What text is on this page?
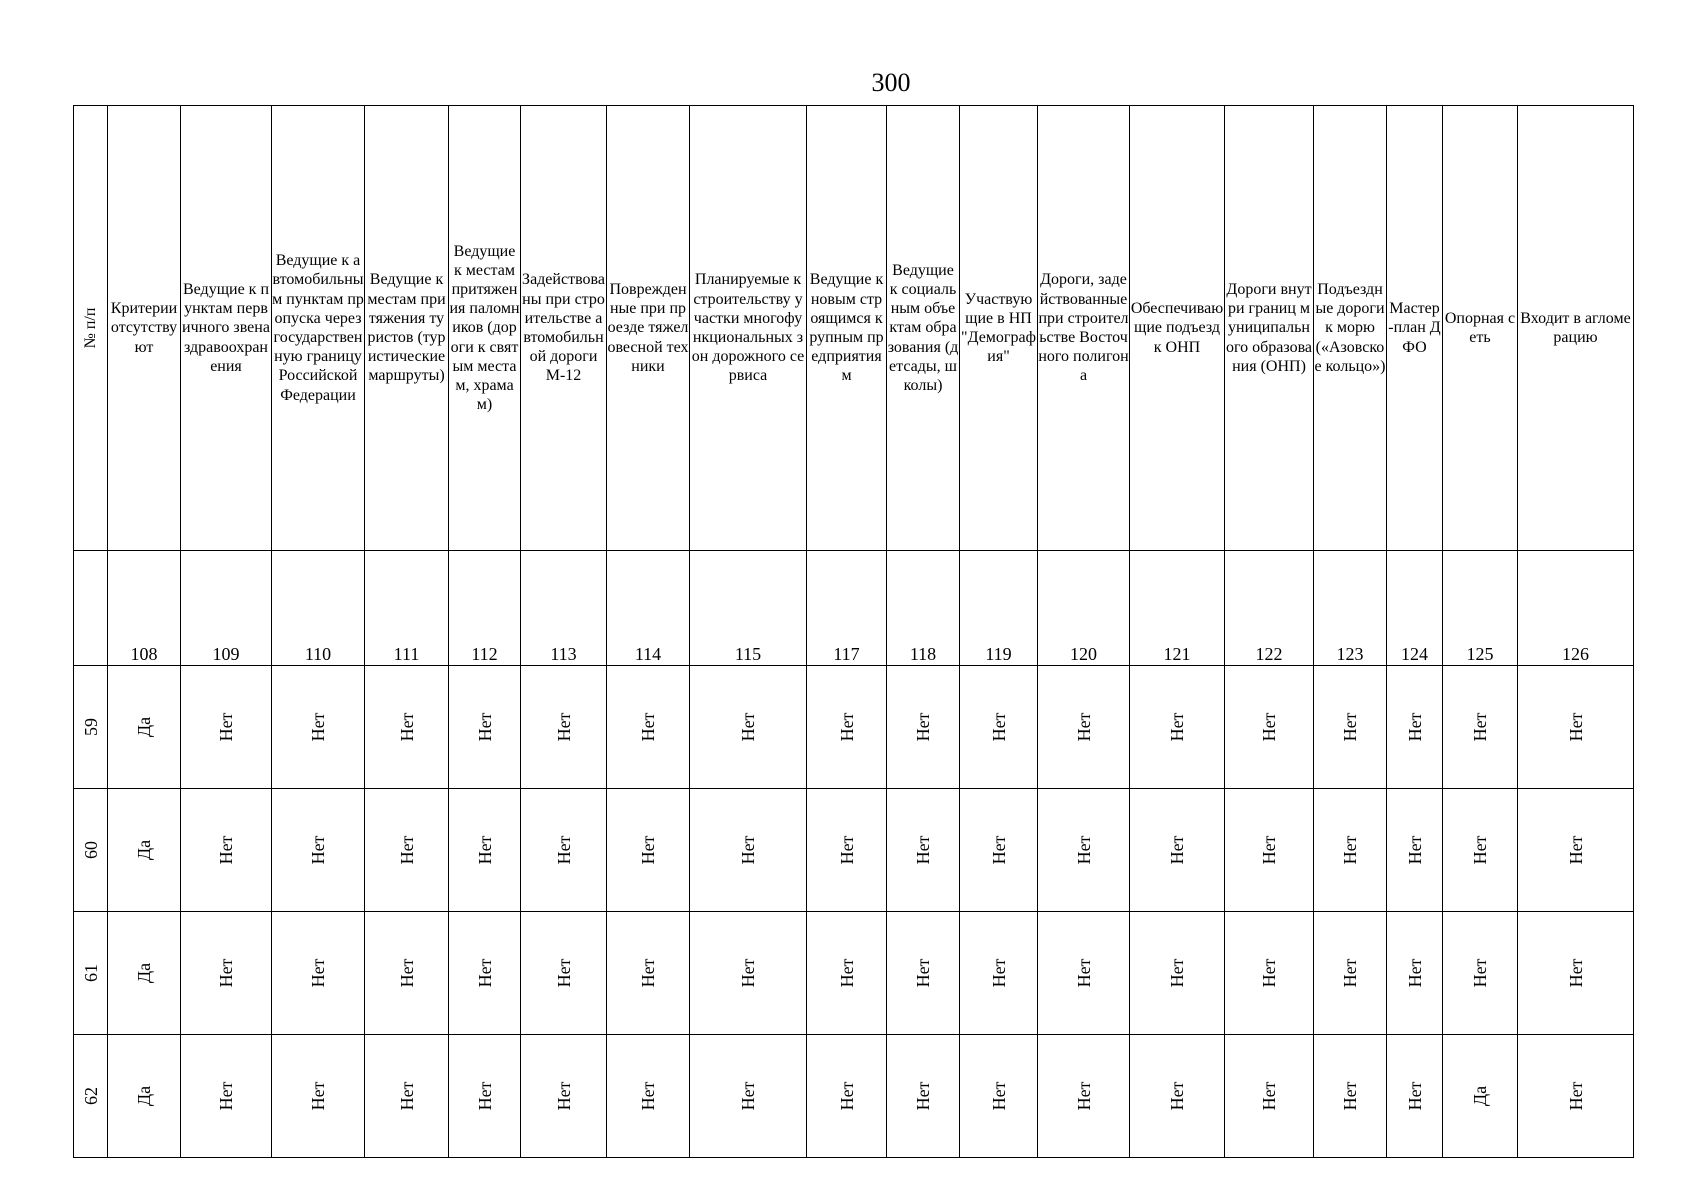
300
№ п/п	Критерии отсутствуют	Ведущие к пунктам первичного звена здравоохранения	Ведущие к автомобильным пунктам пропуска через государственную границу Российской Федерации	Ведущие к местам притяжения туристов (туристические маршруты)	Ведущие к местам притяжения паломников (дороги к святым местам, храмам)	Задействованы при строительстве автомобильной дороги М-12	Поврежденные при проезде тяжеловесной техники	Планируемые к строительству участки многофункциональных зон дорожного сервиса	Ведущие к новым строящимся крупным предприятиям	Ведущие к социальным объектам образования (детсады, школы)	Участвующие в НП "Демография"	Дороги, задействованные при строительстве Восточного полигона	Обеспечивающие подъезд к ОНП	Дороги внутри границ муниципального образования (ОНП)	Подъездные дороги к морю («Азовское кольцо»)	Мастер-план ДФО	Опорная сеть	Входит в агломерацию
	108	109	110	111	112	113	114	115	117	118	119	120	121	122	123	124	125	126

59	Да	Нет	Нет	Нет	Нет	Нет	Нет	Нет	Нет	Нет	Нет	Нет	Нет	Нет	Нет	Нет	Нет	Нет

60	Да	Нет	Нет	Нет	Нет	Нет	Нет	Нет	Нет	Нет	Нет	Нет	Нет	Нет	Нет	Нет	Нет	Нет

61	Да	Нет	Нет	Нет	Нет	Нет	Нет	Нет	Нет	Нет	Нет	Нет	Нет	Нет	Нет	Нет	Нет	Нет

62	Да	Нет	Нет	Нет	Нет	Нет	Нет	Нет	Нет	Нет	Нет	Нет	Нет	Нет	Нет	Нет	Да	Нет
